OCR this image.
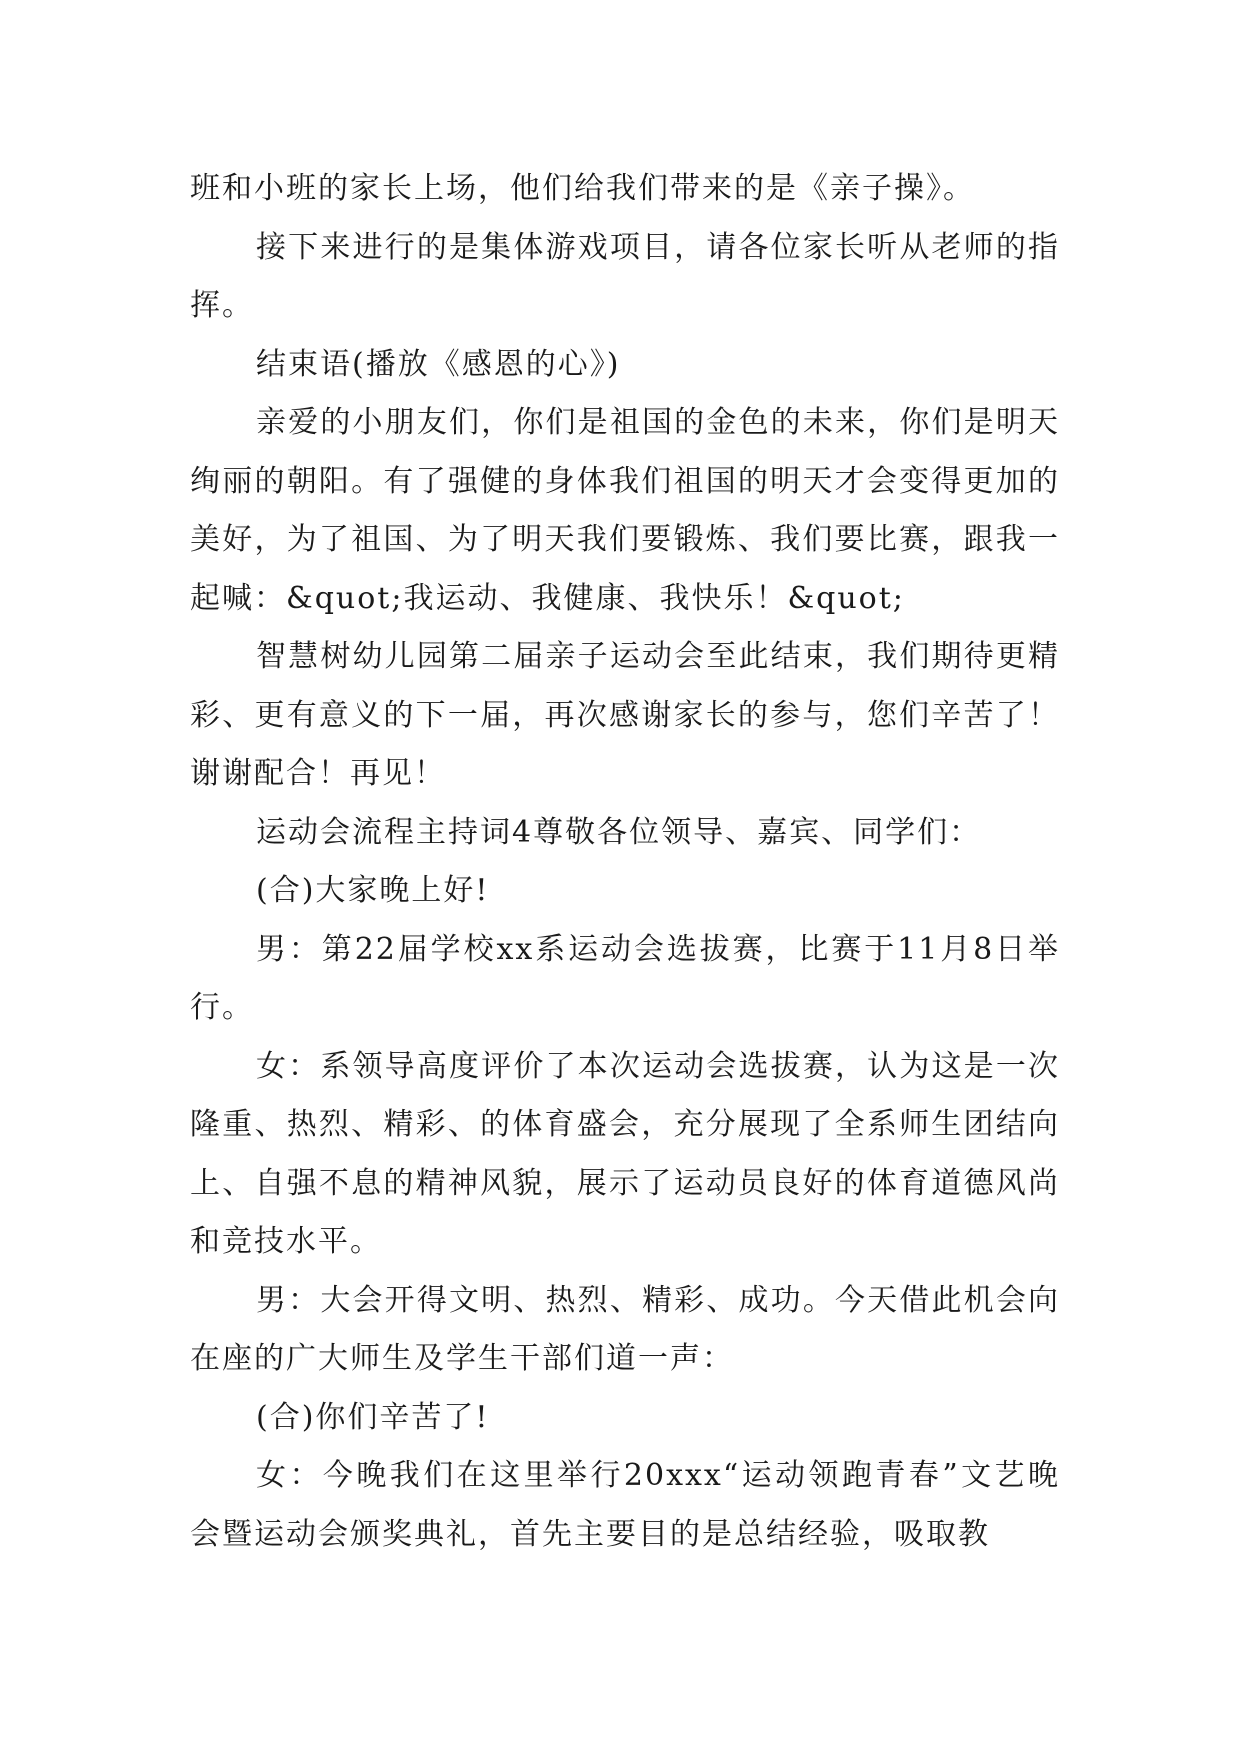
班和小班的家长上场，他们给我们带来的是《亲子操》。

接下来进行的是集体游戏项目，请各位家长听从老师的指挥。

结束语(播放《感恩的心》)

亲爱的小朋友们，你们是祖国的金色的未来，你们是明天绚丽的朝阳。有了强健的身体我们祖国的明天才会变得更加的美好，为了祖国、为了明天我们要锻炼、我们要比赛，跟我一起喊：&quot;我运动、我健康、我快乐！&quot;

智慧树幼儿园第二届亲子运动会至此结束，我们期待更精彩、更有意义的下一届，再次感谢家长的参与，您们辛苦了！谢谢配合！再见！

运动会流程主持词4尊敬各位领导、嘉宾、同学们：

(合)大家晚上好!

男：第22届学校xx系运动会选拔赛，比赛于11月8日举行。

女：系领导高度评价了本次运动会选拔赛，认为这是一次隆重、热烈、精彩、的体育盛会，充分展现了全系师生团结向上、自强不息的精神风貌，展示了运动员良好的体育道德风尚和竞技水平。

男：大会开得文明、热烈、精彩、成功。今天借此机会向在座的广大师生及学生干部们道一声：

(合)你们辛苦了!

女：今晚我们在这里举行20xxx“运动领跑青春”文艺晚会暨运动会颁奖典礼，首先主要目的是总结经验，吸取教
